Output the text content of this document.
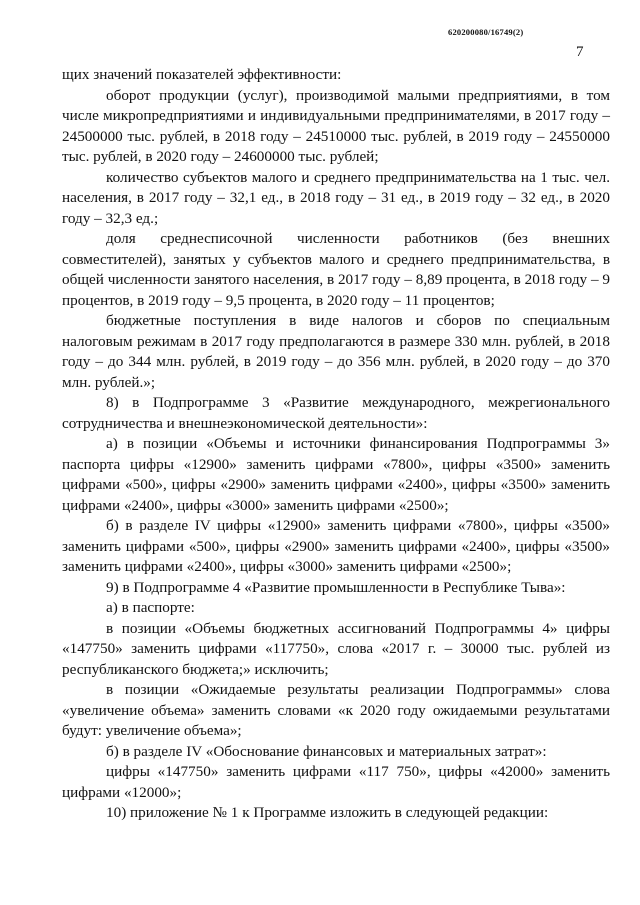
620200080/16749(2)
7

щих значений показателей эффективности:

оборот продукции (услуг), производимой малыми предприятиями, в том числе микропредприятиями и индивидуальными предпринимателями, в 2017 году – 24500000 тыс. рублей, в 2018 году – 24510000 тыс. рублей, в 2019 году – 24550000 тыс. рублей, в 2020 году – 24600000 тыс. рублей;

количество субъектов малого и среднего предпринимательства на 1 тыс. чел. населения, в 2017 году – 32,1 ед., в 2018 году – 31 ед., в 2019 году – 32 ед., в 2020 году – 32,3 ед.;

доля среднесписочной численности работников (без внешних совместителей), занятых у субъектов малого и среднего предпринимательства, в общей численности занятого населения, в 2017 году – 8,89 процента, в 2018 году – 9 процентов, в 2019 году – 9,5 процента, в 2020 году – 11 процентов;

бюджетные поступления в виде налогов и сборов по специальным налоговым режимам в 2017 году предполагаются в размере 330 млн. рублей, в 2018 году – до 344 млн. рублей, в 2019 году – до 356 млн. рублей, в 2020 году – до 370 млн. рублей.»;

8) в Подпрограмме 3 «Развитие международного, межрегионального сотрудничества и внешнеэкономической деятельности»:

а) в позиции «Объемы и источники финансирования Подпрограммы 3» паспорта цифры «12900» заменить цифрами «7800», цифры «3500» заменить цифрами «500», цифры «2900» заменить цифрами «2400», цифры «3500» заменить цифрами «2400», цифры «3000» заменить цифрами «2500»;

б) в разделе IV цифры «12900» заменить цифрами «7800», цифры «3500» заменить цифрами «500», цифры «2900» заменить цифрами «2400», цифры «3500» заменить цифрами «2400», цифры «3000» заменить цифрами «2500»;

9) в Подпрограмме 4 «Развитие промышленности в Республике Тыва»:

а) в паспорте:

в позиции «Объемы бюджетных ассигнований Подпрограммы 4» цифры «147750» заменить цифрами «117750», слова «2017 г. – 30000 тыс. рублей из республиканского бюджета;» исключить;

в позиции «Ожидаемые результаты реализации Подпрограммы» слова «увеличение объема» заменить словами «к 2020 году ожидаемыми результатами будут: увеличение объема»;

б) в разделе IV «Обоснование финансовых и материальных затрат»:

цифры «147750» заменить цифрами «117 750», цифры «42000» заменить цифрами «12000»;

10) приложение № 1 к Программе изложить в следующей редакции:
